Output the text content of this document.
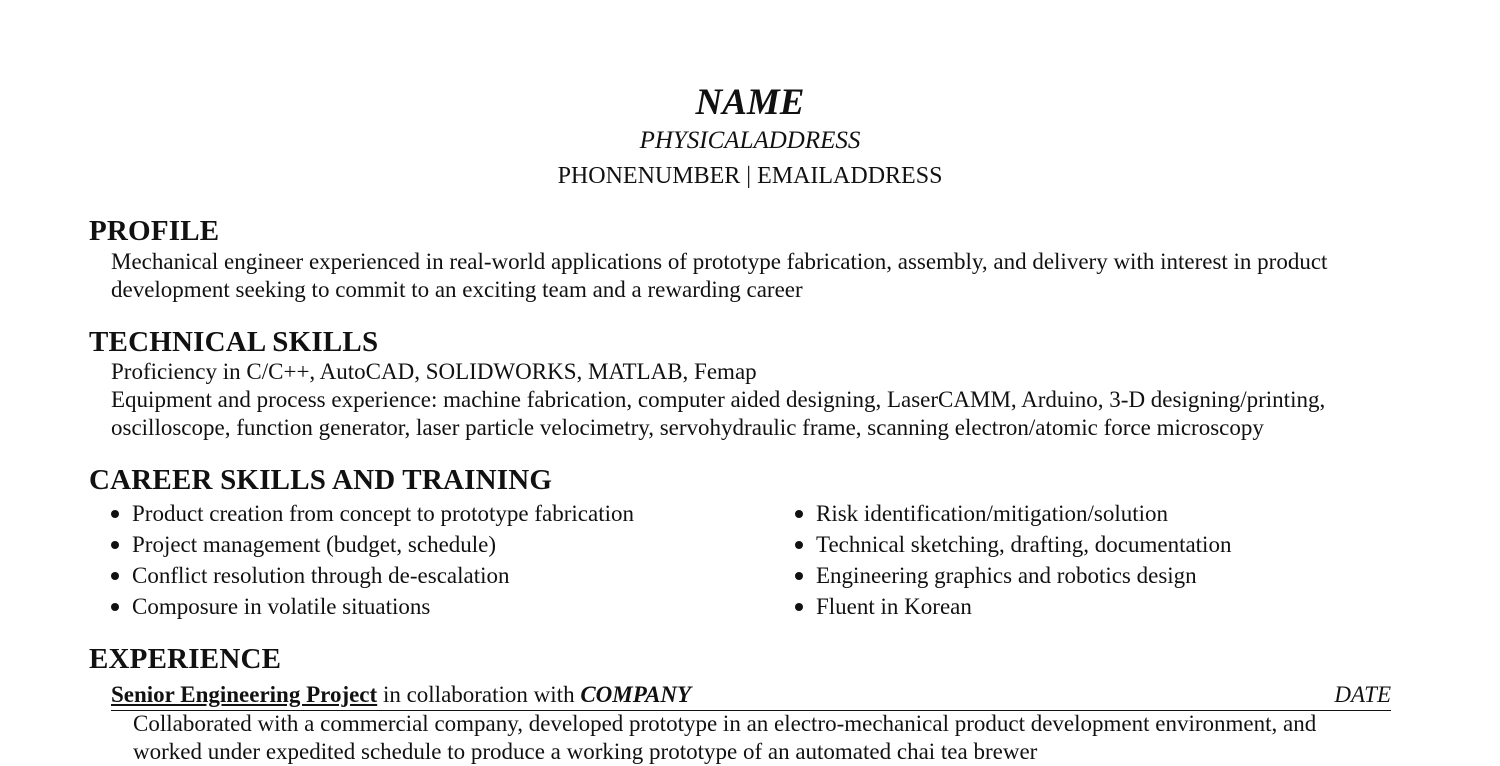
NAME
PHYSICALADDRESS
PHONENUMBER | EMAILADDRESS
PROFILE
Mechanical engineer experienced in real-world applications of prototype fabrication, assembly, and delivery with interest in product
development seeking to commit to an exciting team and a rewarding career
TECHNICAL SKILLS
Proficiency in C/C++, AutoCAD, SOLIDWORKS, MATLAB, Femap
Equipment and process experience: machine fabrication, computer aided designing, LaserCAMM, Arduino, 3-D designing/printing,
oscilloscope, function generator, laser particle velocimetry, servohydraulic frame, scanning electron/atomic force microscopy
CAREER SKILLS AND TRAINING
Product creation from concept to prototype fabrication
Project management (budget, schedule)
Conflict resolution through de-escalation
Composure in volatile situations
Risk identification/mitigation/solution
Technical sketching, drafting, documentation
Engineering graphics and robotics design
Fluent in Korean
EXPERIENCE
Senior Engineering Project in collaboration with COMPANY	DATE
Collaborated with a commercial company, developed prototype in an electro-mechanical product development environment, and
worked under expedited schedule to produce a working prototype of an automated chai tea brewer
